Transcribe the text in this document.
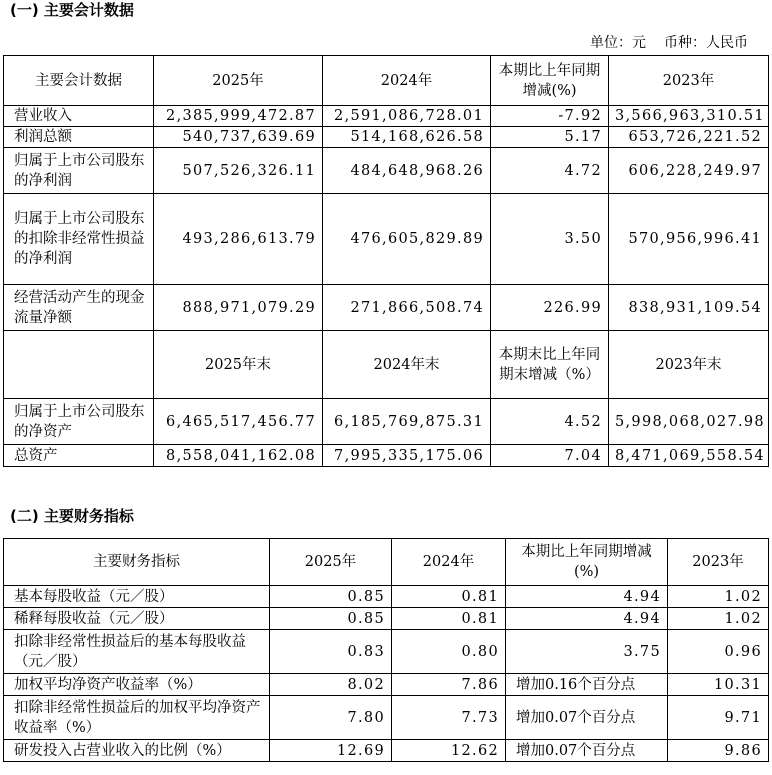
(一) 主要会计数据
单位：元 币种：人民币
主要会计数据	2025年	2024年	本期比上年同期增减(%)	2023年
营业收入	2,385,999,472.87	2,591,086,728.01	-7.92	3,566,963,310.51
利润总额	540,737,639.69	514,168,626.58	5.17	653,726,221.52
归属于上市公司股东的净利润	507,526,326.11	484,648,968.26	4.72	606,228,249.97
归属于上市公司股东的扣除非经常性损益的净利润	493,286,613.79	476,605,829.89	3.50	570,956,996.41
经营活动产生的现金流量净额	888,971,079.29	271,866,508.74	226.99	838,931,109.54
	2025年末	2024年末	本期末比上年同期末增减（%）	2023年末
归属于上市公司股东的净资产	6,465,517,456.77	6,185,769,875.31	4.52	5,998,068,027.98
总资产	8,558,041,162.08	7,995,335,175.06	7.04	8,471,069,558.54
(二) 主要财务指标
主要财务指标	2025年	2024年	本期比上年同期增减(%)	2023年
基本每股收益（元／股）	0.85	0.81	4.94	1.02
稀释每股收益（元／股）	0.85	0.81	4.94	1.02
扣除非经常性损益后的基本每股收益（元／股）	0.83	0.80	3.75	0.96
加权平均净资产收益率（%）	8.02	7.86	增加0.16个百分点	10.31
扣除非经常性损益后的加权平均净资产收益率（%）	7.80	7.73	增加0.07个百分点	9.71
研发投入占营业收入的比例（%）	12.69	12.62	增加0.07个百分点	9.86
